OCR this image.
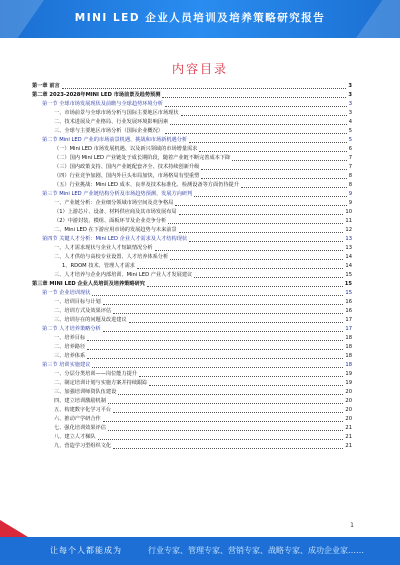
MINI LED 企业人员培训及培养策略研究报告
内容目录
第一章 前言	3
第二章 2023-2028年MINI LED 市场前景及趋势预测	3
第一节 全球市场发展现状及前瞻与全球趋势环境分析	3
一、市场前景与全球市场分析与国际主要地区市场现状	3
二、技术进展及产业格局、行业发展环境影响因素	4
三、全球与主要地区市场分析（国际企业概况）	5
第二节 Mini LED 产业的市场前景机遇、挑战和市场新机遇分析	5
（一）Mini LED 市场发展机遇、以及新兴领域的市场增量需求	6
（二）国内 Mini LED 产业链处于成长期阶段，随着产业链不断完善成本下降	7
（三）国内政策支持、国内产业链配套齐全、技术持续创新升级	7
（四）行业竞争加剧、国内外巨头布局加快，市场格局有望重塑	8
（五）行业挑战：Mini LED 成本、良率及技术标准化、检测设备等方面仍待提升	8
第三节 Mini LED 产业链结构分析及市场趋势预测、发展方向研判	9
一、产业链分析：企业细分领域市场空间及竞争格局	9
（1）上游芯片、设备、材料供应商及其市场发展布局	10
（2）中游封装、模组、面板环节及企业竞争分析	11
二、Mini LED 在下游应用市场的发展趋势与未来前景	12
第四节 关键人才分析：Mini LED 企业人才需求及人才结构现状	13
一、人才需求现状与企业人才短缺情况分析	13
二、人才供给与高校专业设置、人才培养体系分析	14
1、RDOM 技术、管理人才需求	14
三、人才培养与企业内部培训、Mini LED 产业人才发展建议	15
第三章 MINI LED 企业人员培训及培养策略研究	15
第一节 企业培训现状	15
一、培训目标与计划	16
二、培训方式及效果评估	16
三、培训存在的问题及改进建议	17
第二节 人才培养策略分析	17
一、培养目标	18
二、培养路径	18
三、培养体系	18
第三节 培训实施建议	18
一、分层分类培训——岗位能力提升	19
二、制定培训计划与实施方案并持续跟踪	19
三、加强培训师资队伍建设	20
四、建立培训激励机制	20
五、构建数字化学习平台	20
六、推动产学研合作	20
七、强化培训效果评估	21
八、建立人才梯队	21
九、营造学习型组织文化	21
1
让每个人都能成为	行业专家、管理专家、营销专家、战略专家、成功企业家……
